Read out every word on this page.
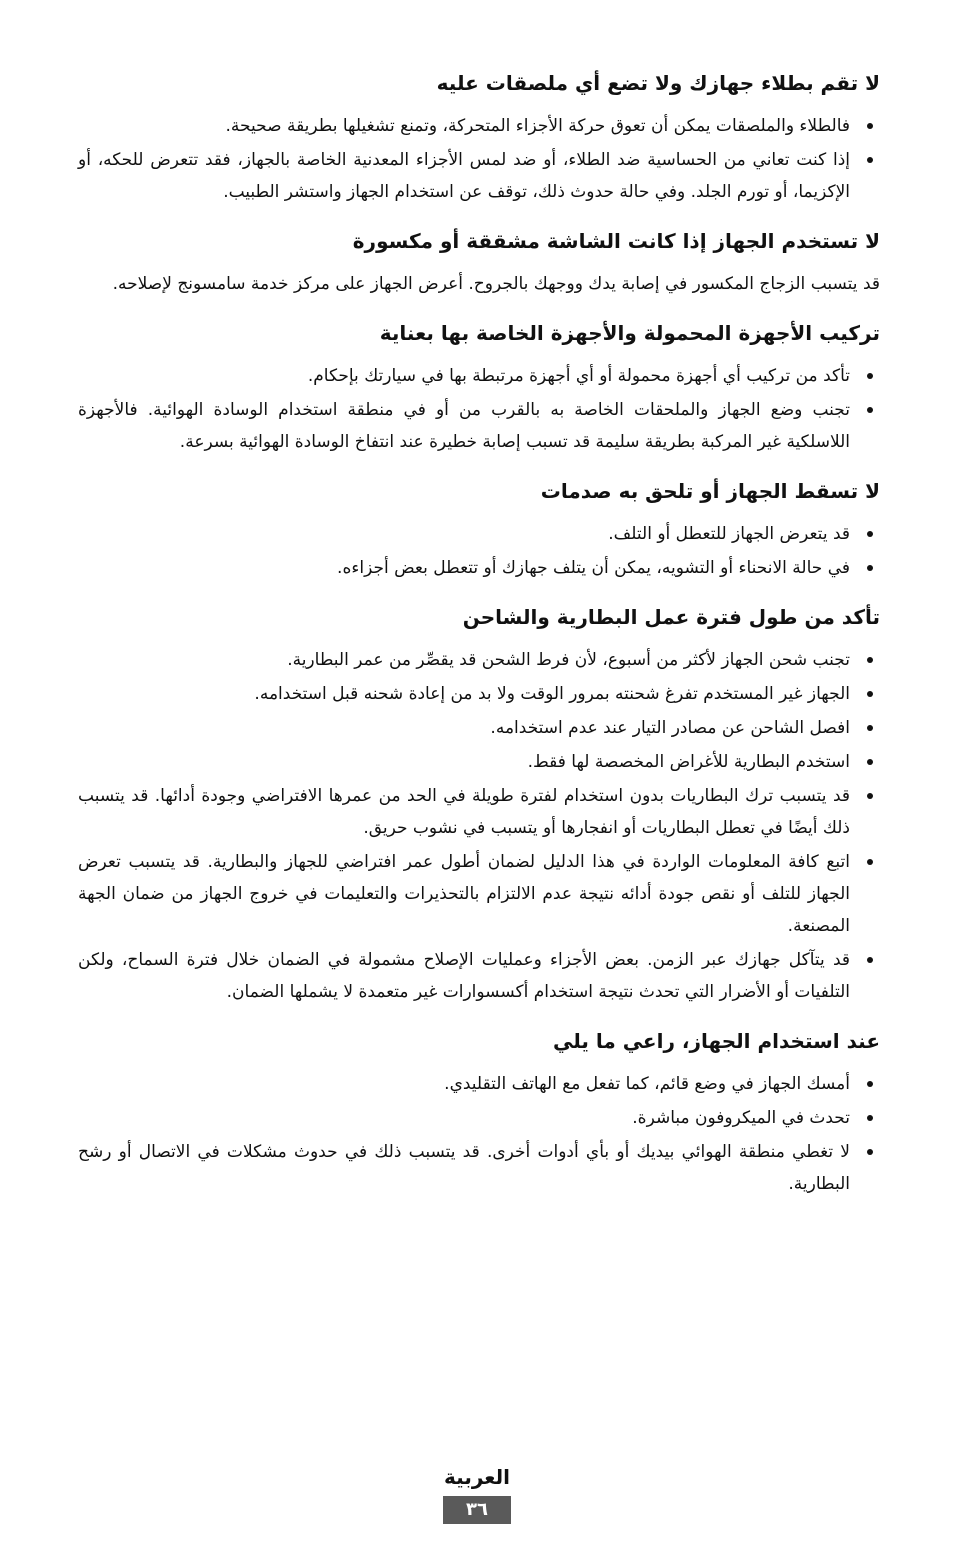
لا تقم بطلاء جهازك ولا تضع أي ملصقات عليه
فالطلاء والملصقات يمكن أن تعوق حركة الأجزاء المتحركة، وتمنع تشغيلها بطريقة صحيحة.
إذا كنت تعاني من الحساسية ضد الطلاء، أو ضد لمس الأجزاء المعدنية الخاصة بالجهاز، فقد تتعرض للحكه، أو الإكزيما، أو تورم الجلد. وفي حالة حدوث ذلك، توقف عن استخدام الجهاز واستشر الطبيب.
لا تستخدم الجهاز إذا كانت الشاشة مشققة أو مكسورة

قد يتسبب الزجاج المكسور في إصابة يدك ووجهك بالجروح. أعرض الجهاز على مركز خدمة سامسونج لإصلاحه.

تركيب الأجهزة المحمولة والأجهزة الخاصة بها بعناية
تأكد من تركيب أي أجهزة محمولة أو أي أجهزة مرتبطة بها في سيارتك بإحكام.
تجنب وضع الجهاز والملحقات الخاصة به بالقرب من أو في منطقة استخدام الوسادة الهوائية. فالأجهزة اللاسلكية غير المركبة بطريقة سليمة قد تسبب إصابة خطيرة عند انتفاخ الوسادة الهوائية بسرعة.
لا تسقط الجهاز أو تلحق به صدمات
قد يتعرض الجهاز للتعطل أو التلف.
في حالة الانحناء أو التشويه، يمكن أن يتلف جهازك أو تتعطل بعض أجزاءه.
تأكد من طول فترة عمل البطارية والشاحن
تجنب شحن الجهاز لأكثر من أسبوع، لأن فرط الشحن قد يقصِّر من عمر البطارية.
الجهاز غير المستخدم تفرغ شحنته بمرور الوقت ولا بد من إعادة شحنه قبل استخدامه.
افصل الشاحن عن مصادر التيار عند عدم استخدامه.
استخدم البطارية للأغراض المخصصة لها فقط.
قد يتسبب ترك البطاريات بدون استخدام لفترة طويلة في الحد من عمرها الافتراضي وجودة أدائها. قد يتسبب ذلك أيضًا في تعطل البطاريات أو انفجارها أو يتسبب في نشوب حريق.
اتبع كافة المعلومات الواردة في هذا الدليل لضمان أطول عمر افتراضي للجهاز والبطارية. قد يتسبب تعرض الجهاز للتلف أو نقص جودة أدائه نتيجة عدم الالتزام بالتحذيرات والتعليمات في خروج الجهاز من ضمان الجهة المصنعة.
قد يتآكل جهازك عبر الزمن. بعض الأجزاء وعمليات الإصلاح مشمولة في الضمان خلال فترة السماح، ولكن التلفيات أو الأضرار التي تحدث نتيجة استخدام أكسسوارات غير متعمدة لا يشملها الضمان.
عند استخدام الجهاز، راعي ما يلي
أمسك الجهاز في وضع قائم، كما تفعل مع الهاتف التقليدي.
تحدث في الميكروفون مباشرة.
لا تغطي منطقة الهوائي بيديك أو بأي أدوات أخرى. قد يتسبب ذلك في حدوث مشكلات في الاتصال أو رشح البطارية.
العربية
٣٦
